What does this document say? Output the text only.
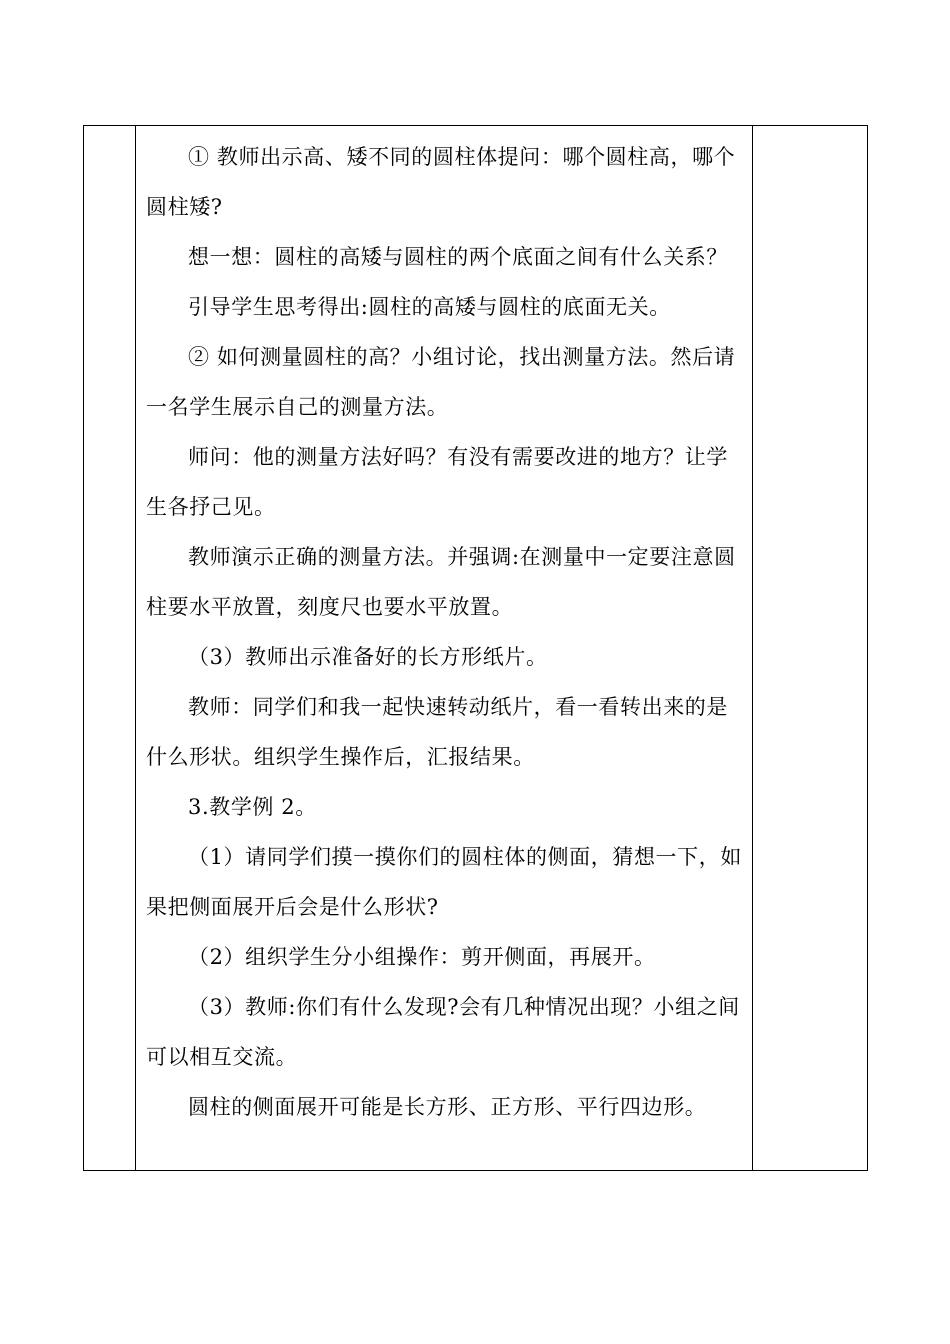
① 教师出示高、矮不同的圆柱体提问：哪个圆柱高，哪个圆柱矮?

想一想：圆柱的高矮与圆柱的两个底面之间有什么关系？

引导学生思考得出:圆柱的高矮与圆柱的底面无关。

② 如何测量圆柱的高？小组讨论，找出测量方法。然后请一名学生展示自己的测量方法。

师问：他的测量方法好吗？有没有需要改进的地方？让学生各抒己见。

教师演示正确的测量方法。并强调:在测量中一定要注意圆柱要水平放置，刻度尺也要水平放置。

（3）教师出示准备好的长方形纸片。

教师：同学们和我一起快速转动纸片，看一看转出来的是什么形状。组织学生操作后，汇报结果。

3.教学例 2。

（1）请同学们摸一摸你们的圆柱体的侧面，猜想一下，如果把侧面展开后会是什么形状?

（2）组织学生分小组操作：剪开侧面，再展开。

（3）教师:你们有什么发现?会有几种情况出现？小组之间可以相互交流。

圆柱的侧面展开可能是长方形、正方形、平行四边形。
